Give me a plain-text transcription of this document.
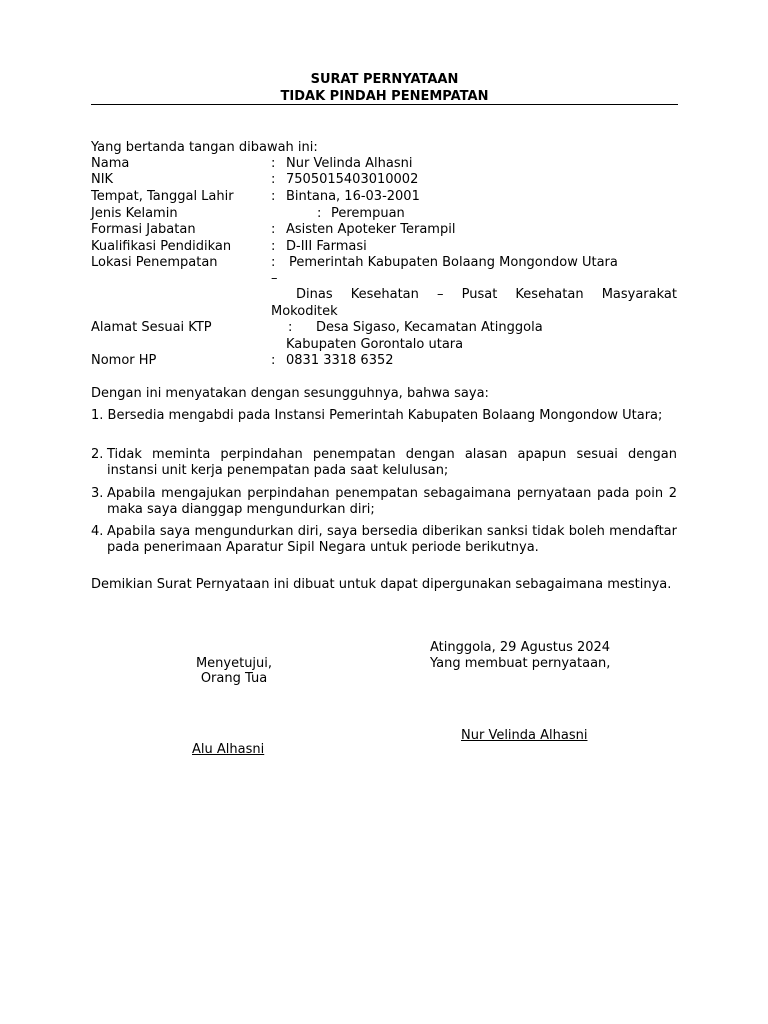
SURAT PERNYATAAN
TIDAK PINDAH PENEMPATAN
Yang bertanda tangan dibawah ini:
Nama	: Nur Velinda Alhasni
NIK	: 7505015403010002
Tempat, Tanggal Lahir	: Bintana, 16-03-2001
Jenis Kelamin	: Perempuan
Formasi Jabatan	: Asisten Apoteker Terampil
Kualifikasi Pendidikan	: D-III Farmasi
Lokasi Penempatan	: Pemerintah Kabupaten Bolaang Mongondow Utara
–
Dinas Kesehatan – Pusat Kesehatan Masyarakat
Mokoditek
Alamat Sesuai KTP	: Desa Sigaso, Kecamatan Atinggola
Kabupaten Gorontalo utara
Nomor HP	: 0831 3318 6352
Dengan ini menyatakan dengan sesungguhnya, bahwa saya:
1. Bersedia mengabdi pada Instansi Pemerintah Kabupaten Bolaang Mongondow Utara;
2. Tidak meminta perpindahan penempatan dengan alasan apapun sesuai dengan instansi unit kerja penempatan pada saat kelulusan;
3. Apabila mengajukan perpindahan penempatan sebagaimana pernyataan pada poin 2 maka saya dianggap mengundurkan diri;
4. Apabila saya mengundurkan diri, saya bersedia diberikan sanksi tidak boleh mendaftar pada penerimaan Aparatur Sipil Negara untuk periode berikutnya.
Demikian Surat Pernyataan ini dibuat untuk dapat dipergunakan sebagaimana mestinya.
Atinggola, 29 Agustus 2024
Yang membuat pernyataan,
Menyetujui,
Orang Tua
Nur Velinda Alhasni
Alu Alhasni
